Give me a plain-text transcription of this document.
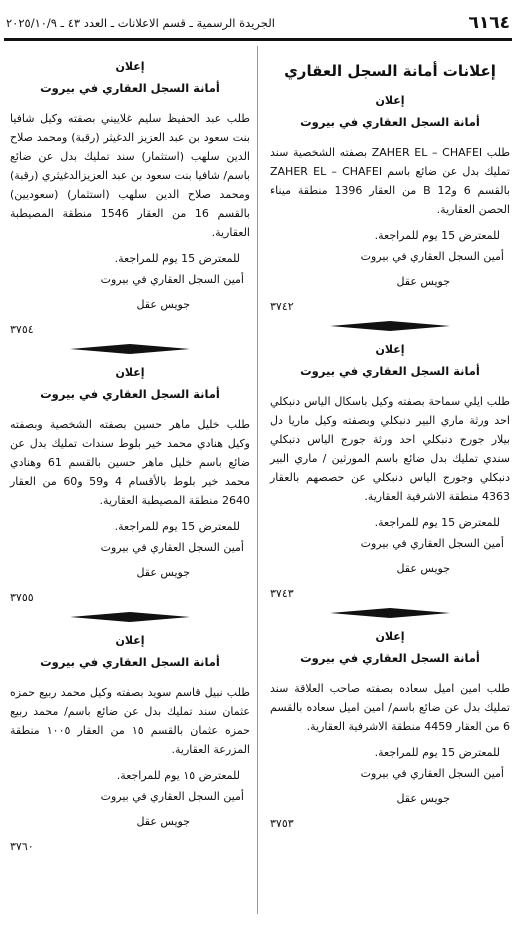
٦١٦٤
الجريدة الرسمية ـ قسم الاعلانات ـ العدد ٤٣ ـ ٢٠٢٥/١٠/٩
إعلانات أمانة السجل العقاري
إعلان
أمانة السجل العقاري في بيروت
طلب ZAHER EL – CHAFEI بصفته الشخصية سند تمليك بدل عن ضائع باسم ZAHER EL – CHAFEI بالقسم 6 و12 B من العقار 1396 منطقة ميناء الحصن العقارية.
للمعترض 15 يوم للمراجعة.
أمين السجل العقاري في بيروت
جويس عقل
٣٧٤٢
إعلان
أمانة السجل العقاري في بيروت
طلب ايلي سماحة بصفته وكيل باسكال الياس دنبكلي احد ورثة ماري البير دنبكلي وبصفته وكيل ماريا دل بيلار جورج دنبكلي احد ورثة جورج الياس دنبكلي سندي تمليك بدل ضائع باسم المورثين / ماري البير دنبكلي وجورج الياس دنبكلي عن حصصهم بالعقار 4363 منطقة الاشرفية العقارية.
للمعترض 15 يوم للمراجعة.
أمين السجل العقاري في بيروت
جويس عقل
٣٧٤٣
إعلان
أمانة السجل العقاري في بيروت
طلب امين اميل سعاده بصفته صاحب العلاقة سند تمليك بدل عن ضائع باسم/ امين اميل سعاده بالقسم 6 من العقار 4459 منطقة الاشرفية العقارية.
للمعترض 15 يوم للمراجعة.
أمين السجل العقاري في بيروت
جويس عقل
٣٧٥٣
إعلان
أمانة السجل العقاري في بيروت
طلب عبد الحفيظ سليم غلاييني بصفته وكيل شافيا بنت سعود بن عبد العزيز الدغيثر (رقبة) ومحمد صلاح الدين سلهب (استثمار) سند تمليك بدل عن ضائع باسم/ شافيا بنت سعود بن عبد العزيزالدغيثري (رقبة) ومحمد صلاح الدين سلهب (استثمار) (سعوديين) بالقسم 16 من العقار 1546 منطقة المصيطبة العقارية.
للمعترض 15 يوم للمراجعة.
أمين السجل العقاري في بيروت
جويس عقل
٣٧٥٤
إعلان
أمانة السجل العقاري في بيروت
طلب خليل ماهر حسين بصفته الشخصية وبصفته وكيل هنادي محمد خير بلوط سندات تمليك بدل عن ضائع باسم خليل ماهر حسين بالقسم 61 وهنادي محمد خير بلوط بالأقسام 4 و59 و60 من العقار 2640 منطقة المصيطبة العقارية.
للمعترض 15 يوم للمراجعة.
أمين السجل العقاري في بيروت
جويس عقل
٣٧٥٥
إعلان
أمانة السجل العقاري في بيروت
طلب نبيل قاسم سويد بصفته وكيل محمد ربيع حمزه عثمان سند تمليك بدل عن ضائع باسم/ محمد ربيع حمزه عثمان بالقسم ١٥ من العقار ١٠٠٥ منطقة المزرعة العقارية.
للمعترض ١٥ يوم للمراجعة.
أمين السجل العقاري في بيروت
جويس عقل
٣٧٦٠
